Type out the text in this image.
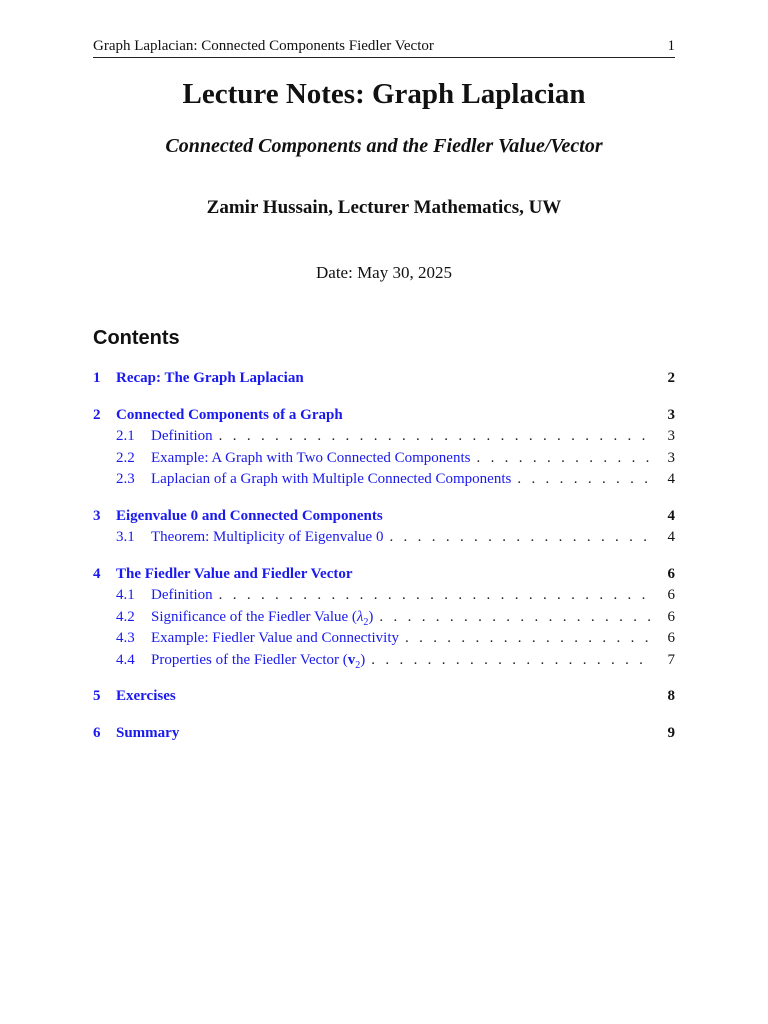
Graph Laplacian: Connected Components Fiedler Vector	1
Lecture Notes: Graph Laplacian
Connected Components and the Fiedler Value/Vector
Zamir Hussain, Lecturer Mathematics, UW
Date: May 30, 2025
Contents
1	Recap: The Graph Laplacian	2
2	Connected Components of a Graph	3
2.1	Definition . . .	3
2.2	Example: A Graph with Two Connected Components . . .	3
2.3	Laplacian of a Graph with Multiple Connected Components . . .	4
3	Eigenvalue 0 and Connected Components	4
3.1	Theorem: Multiplicity of Eigenvalue 0 . . .	4
4	The Fiedler Value and Fiedler Vector	6
4.1	Definition . . .	6
4.2	Significance of the Fiedler Value $(\lambda_2)$ . . .	6
4.3	Example: Fiedler Value and Connectivity . . .	6
4.4	Properties of the Fiedler Vector $(v_2)$ . . .	7
5	Exercises	8
6	Summary	9
